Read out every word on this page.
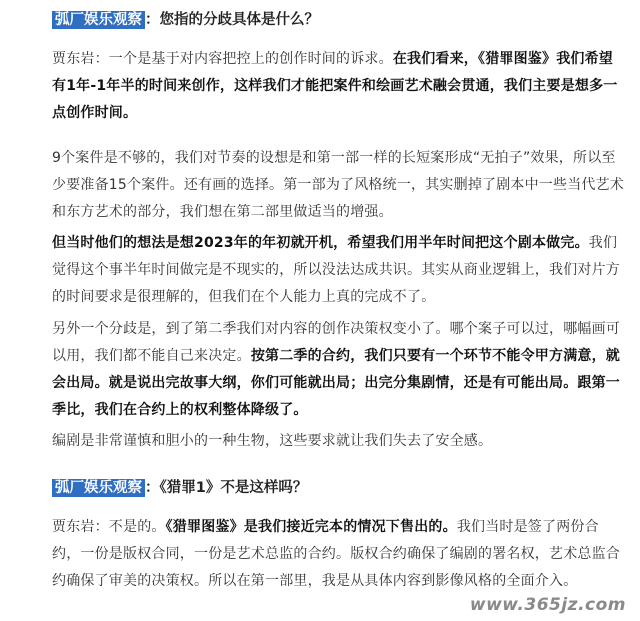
弧厂娱乐观察 ：您指的分歧具体是什么？
贾东岩：一个是基于对内容把控上的创作时间的诉求。在我们看来，《猎罪图鉴》我们希望有1年-1年半的时间来创作，这样我们才能把案件和绘画艺术融会贯通，我们主要是想多一点创作时间。
9个案件是不够的，我们对节奏的设想是和第一部一样的长短案形成“无拍子”效果，所以至少要准备15个案件。还有画的选择。第一部为了风格统一，其实删掉了剧本中一些当代艺术和东方艺术的部分，我们想在第二部里做适当的增强。
但当时他们的想法是想2023年的年初就开机，希望我们用半年时间把这个剧本做完。我们觉得这个事半年时间做完是不现实的，所以没法达成共识。其实从商业逻辑上，我们对片方的时间要求是很理解的，但我们在个人能力上真的完成不了。
另外一个分歧是，到了第二季我们对内容的创作决策权变小了。哪个案子可以过，哪幅画可以用，我们都不能自己来决定。按第二季的合约，我们只要有一个环节不能令甲方满意，就会出局。就是说出完故事大纲，你们可能就出局；出完分集剧情，还是有可能出局。跟第一季比，我们在合约上的权利整体降级了。
编剧是非常谨慎和胆小的一种生物，这些要求就让我们失去了安全感。
弧厂娱乐观察 ：《猎罪1》不是这样吗？
贾东岩：不是的。《猎罪图鉴》是我们接近完本的情况下售出的。我们当时是签了两份合约，一份是版权合同，一份是艺术总监的合约。版权合约确保了编剧的署名权，艺术总监合约确保了审美的决策权。所以在第一部里，我是从具体内容到影像风格的全面介入。
www.365jz.com
